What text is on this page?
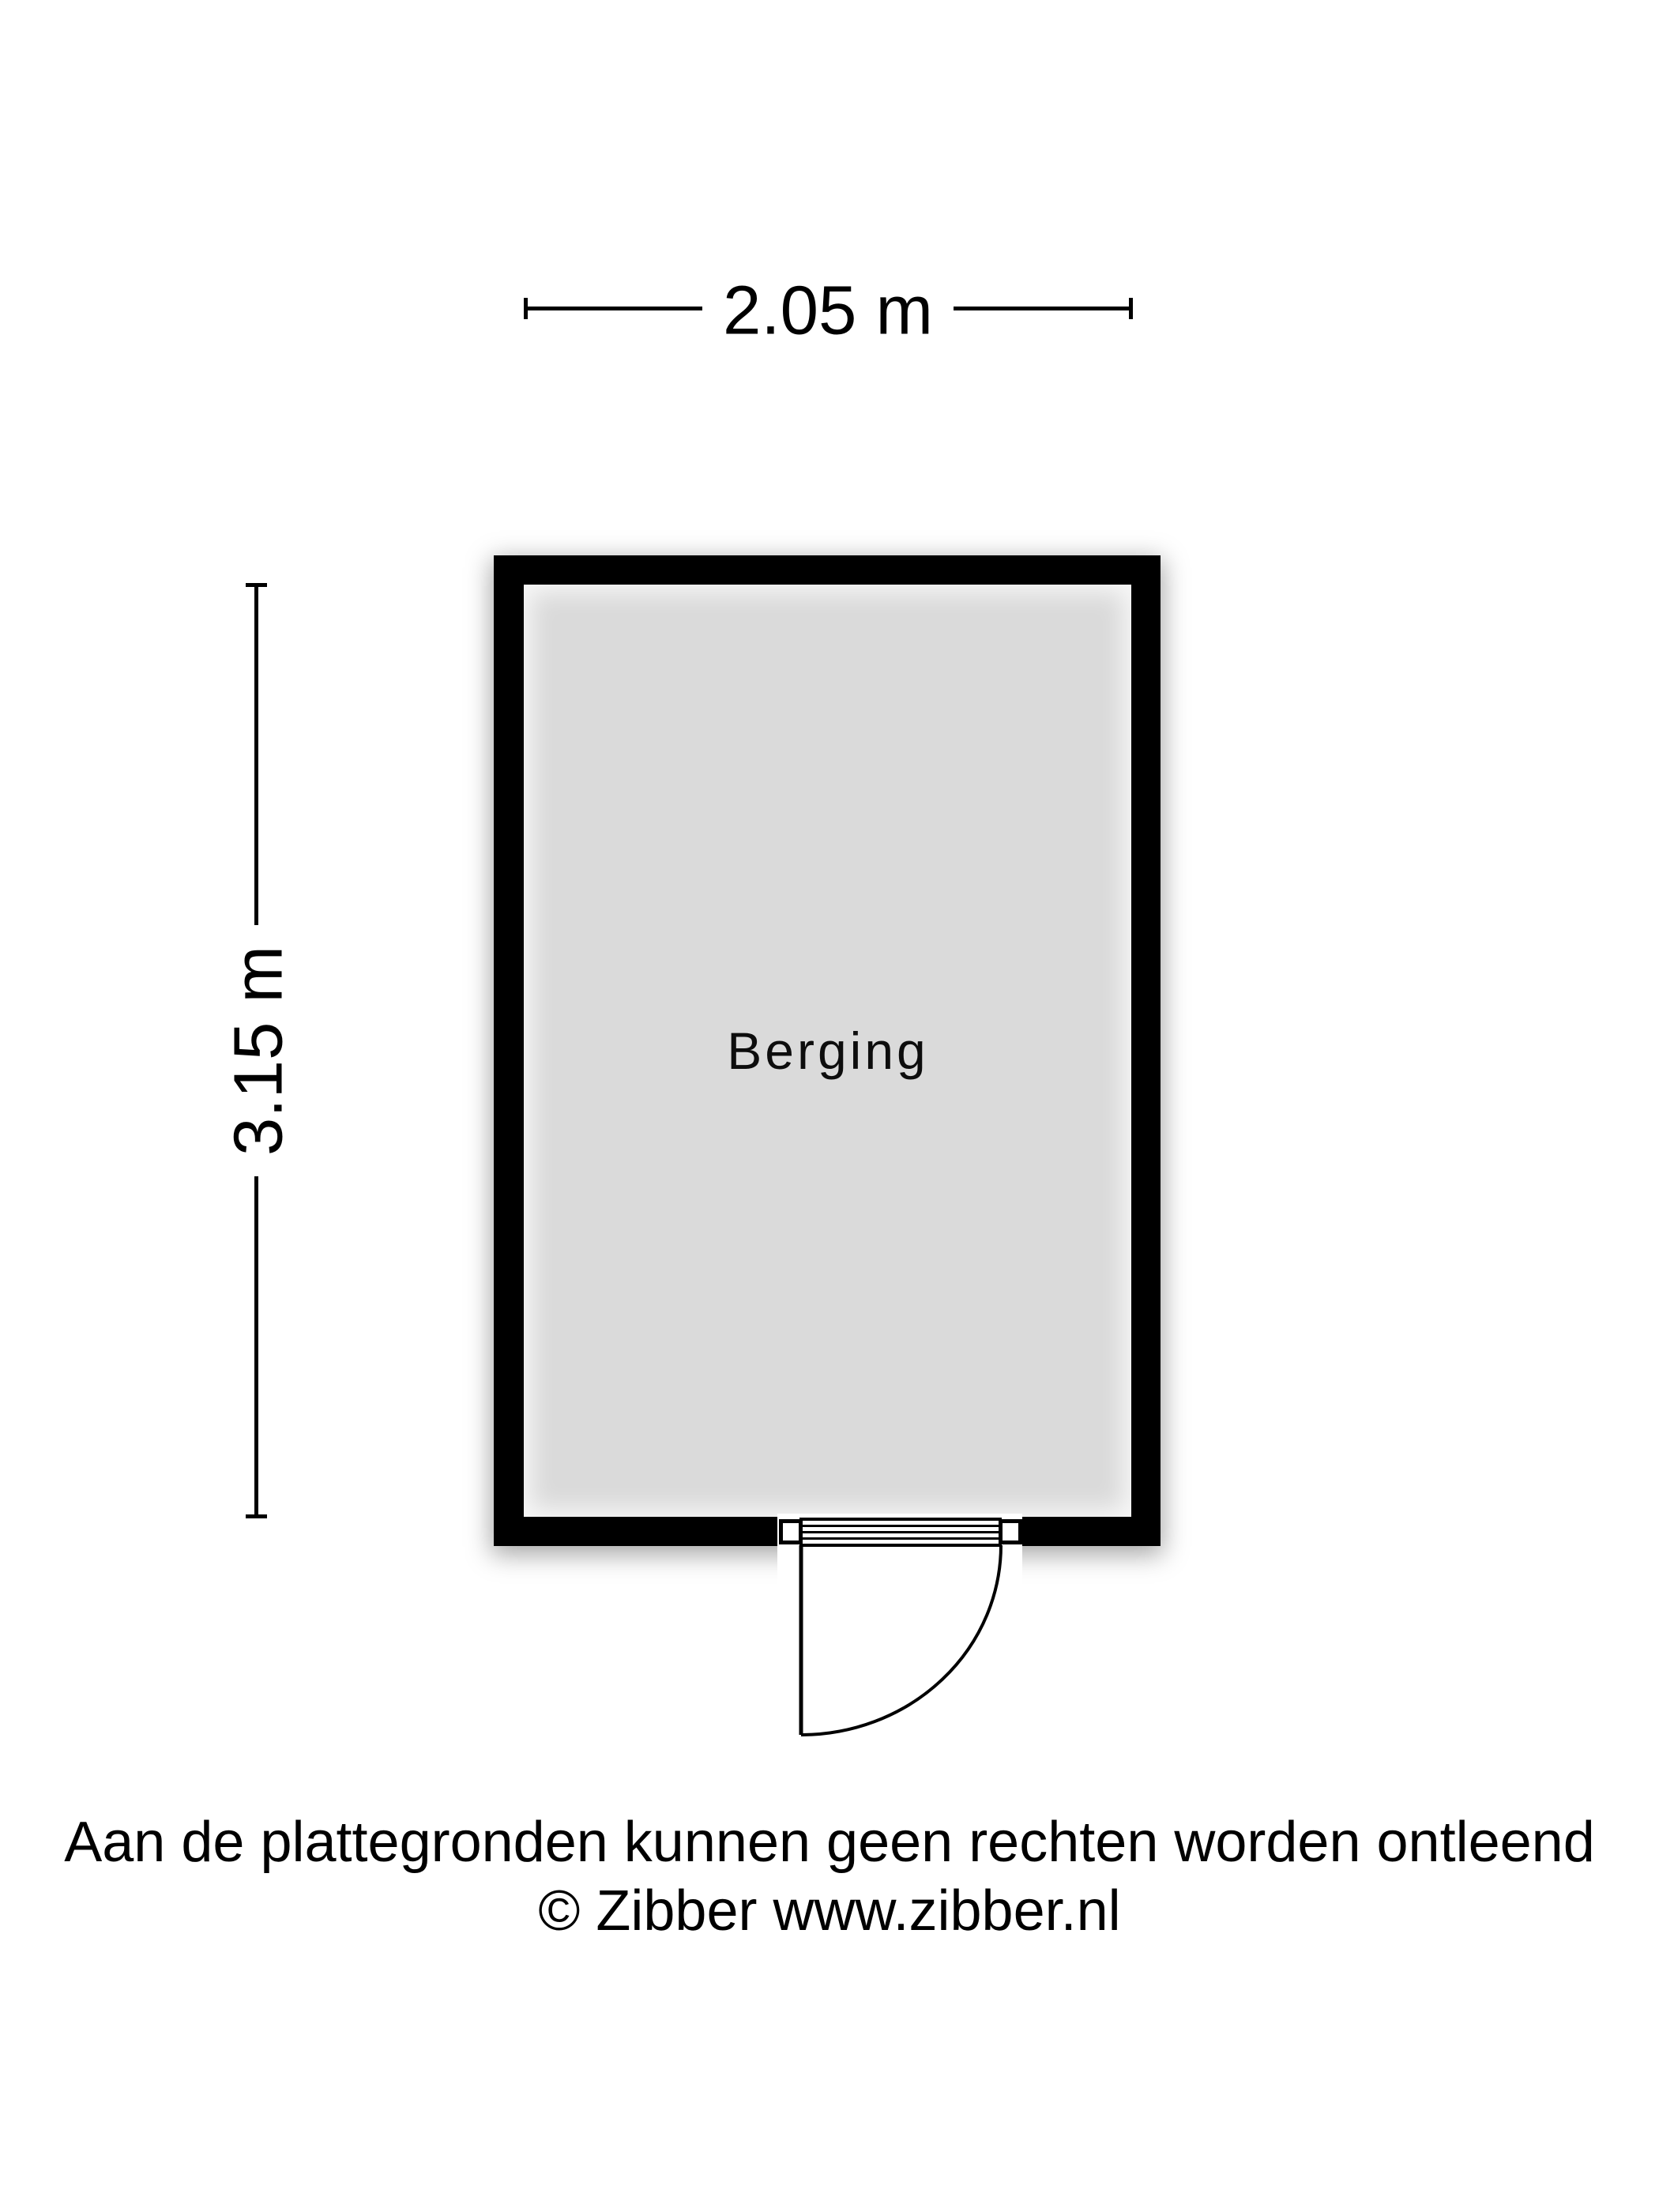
2.05 m
3.15 m	Berging
Aan de plattegronden kunnen geen rechten worden ontleend
© Zibber www.zibber.nl
